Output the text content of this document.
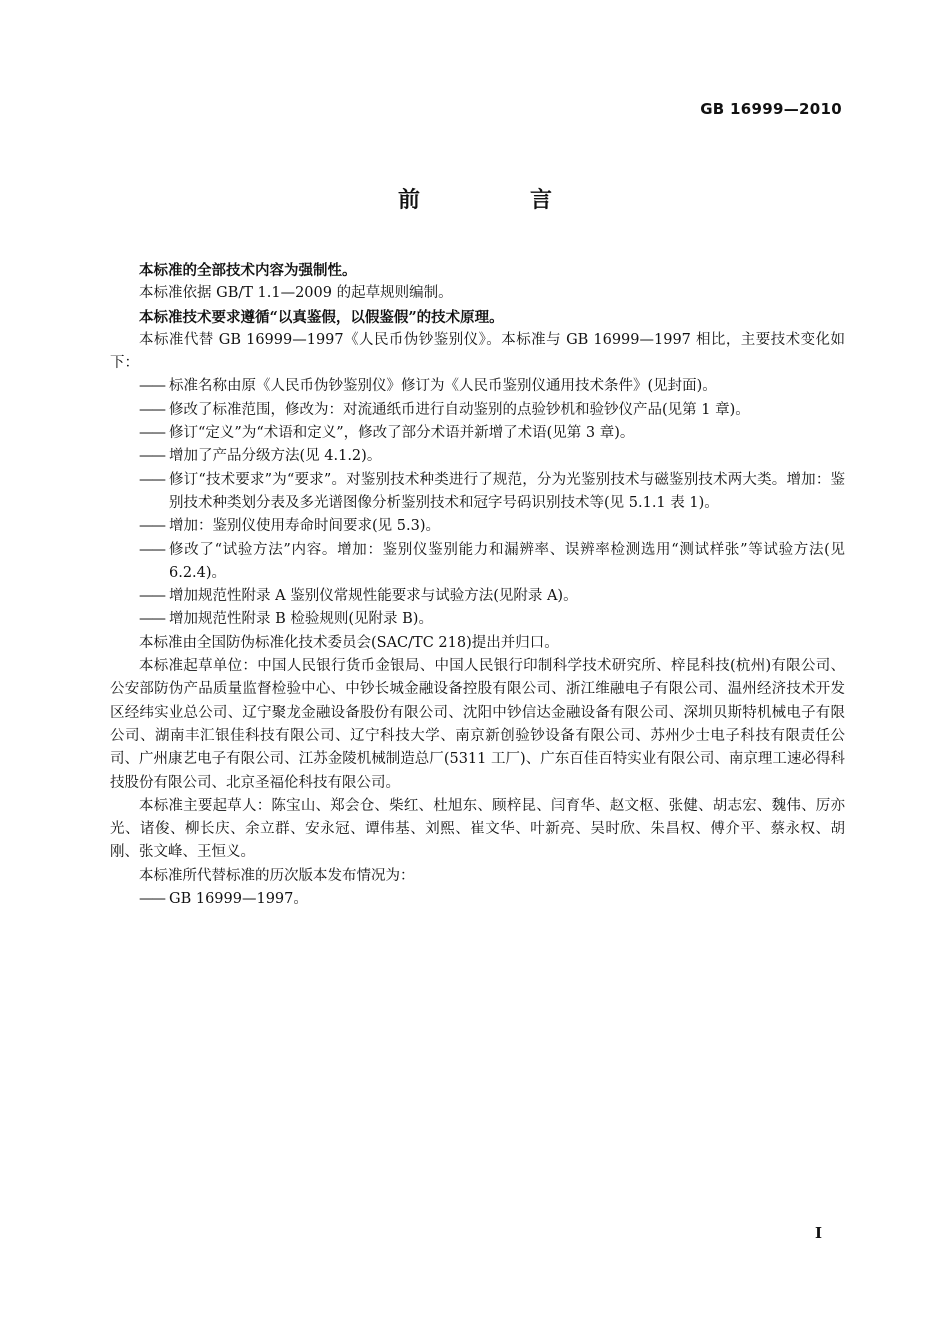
GB 16999—2010
前　言
本标准的全部技术内容为强制性。
本标准依据 GB/T 1.1—2009 的起草规则编制。
本标准技术要求遵循“以真鉴假，以假鉴假”的技术原理。
本标准代替 GB 16999—1997《人民币伪钞鉴别仪》。本标准与 GB 16999—1997 相比，主要技术变化如下：
—— 标准名称由原《人民币伪钞鉴别仪》修订为《人民币鉴别仪通用技术条件》(见封面)。
—— 修改了标准范围，修改为：对流通纸币进行自动鉴别的点验钞机和验钞仪产品(见第 1 章)。
—— 修订“定义”为“术语和定义”，修改了部分术语并新增了术语(见第 3 章)。
—— 增加了产品分级方法(见 4.1.2)。
—— 修订“技术要求”为“要求”。对鉴别技术种类进行了规范，分为光鉴别技术与磁鉴别技术两大类。增加：鉴别技术种类划分表及多光谱图像分析鉴别技术和冠字号码识别技术等(见 5.1.1 表 1)。
—— 增加：鉴别仪使用寿命时间要求(见 5.3)。
—— 修改了“试验方法”内容。增加：鉴别仪鉴别能力和漏辨率、误辨率检测选用“测试样张”等试验方法(见 6.2.4)。
—— 增加规范性附录 A 鉴别仪常规性能要求与试验方法(见附录 A)。
—— 增加规范性附录 B 检验规则(见附录 B)。
本标准由全国防伪标准化技术委员会(SAC/TC 218)提出并归口。
本标准起草单位：中国人民银行货币金银局、中国人民银行印制科学技术研究所、梓昆科技(杭州)有限公司、公安部防伪产品质量监督检验中心、中钞长城金融设备控股有限公司、浙江维融电子有限公司、温州经济技术开发区经纬实业总公司、辽宁聚龙金融设备股份有限公司、沈阳中钞信达金融设备有限公司、深圳贝斯特机械电子有限公司、湖南丰汇银佳科技有限公司、辽宁科技大学、南京新创验钞设备有限公司、苏州少士电子科技有限责任公司、广州康艺电子有限公司、江苏金陵机械制造总厂(5311 工厂)、广东百佳百特实业有限公司、南京理工速必得科技股份有限公司、北京圣福伦科技有限公司。
本标准主要起草人：陈宝山、郑会仓、柴红、杜旭东、顾梓昆、闫育华、赵文枢、张健、胡志宏、魏伟、厉亦光、诸俊、柳长庆、余立群、安永冠、谭伟基、刘熙、崔文华、叶新亮、吴时欣、朱昌权、傅介平、蔡永权、胡刚、张文峰、王恒义。
本标准所代替标准的历次版本发布情况为：
—— GB 16999—1997。
I
